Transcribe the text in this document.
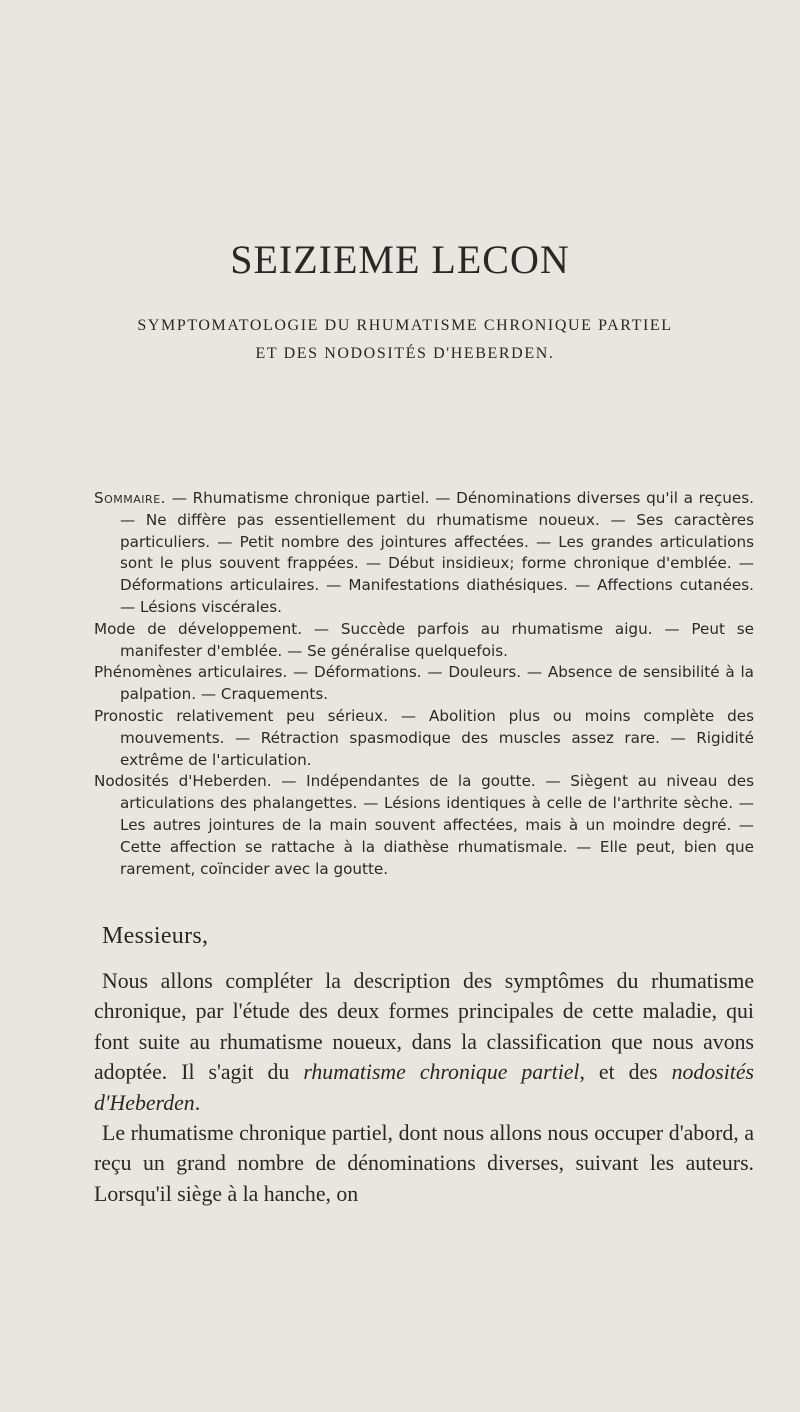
SEIZIEME LECON
SYMPTOMATOLOGIE DU RHUMATISME CHRONIQUE PARTIEL
ET DES NODOSITÉS D'HEBERDEN.

Sommaire. — Rhumatisme chronique partiel. — Dénominations diverses qu'il a reçues. — Ne diffère pas essentiellement du rhumatisme noueux. — Ses caractères particuliers. — Petit nombre des jointures affectées. — Les grandes articulations sont le plus souvent frappées. — Début insidieux; forme chronique d'emblée. — Déformations articulaires. — Manifestations diathésiques. — Affections cutanées. — Lésions viscérales.

Mode de développement. — Succède parfois au rhumatisme aigu. — Peut se manifester d'emblée. — Se généralise quelquefois.

Phénomènes articulaires. — Déformations. — Douleurs. — Absence de sensibilité à la palpation. — Craquements.

Pronostic relativement peu sérieux. — Abolition plus ou moins complète des mouvements. — Rétraction spasmodique des muscles assez rare. — Rigidité extrême de l'articulation.

Nodosités d'Heberden. — Indépendantes de la goutte. — Siègent au niveau des articulations des phalangettes. — Lésions identiques à celle de l'arthrite sèche. — Les autres jointures de la main souvent affectées, mais à un moindre degré. — Cette affection se rattache à la diathèse rhumatismale. — Elle peut, bien que rarement, coïncider avec la goutte.

Messieurs,

Nous allons compléter la description des symptômes du rhumatisme chronique, par l'étude des deux formes principales de cette maladie, qui font suite au rhumatisme noueux, dans la classification que nous avons adoptée. Il s'agit du rhumatisme chronique partiel, et des nodosités d'Heberden.

Le rhumatisme chronique partiel, dont nous allons nous occuper d'abord, a reçu un grand nombre de dénominations diverses, suivant les auteurs. Lorsqu'il siège à la hanche, on
